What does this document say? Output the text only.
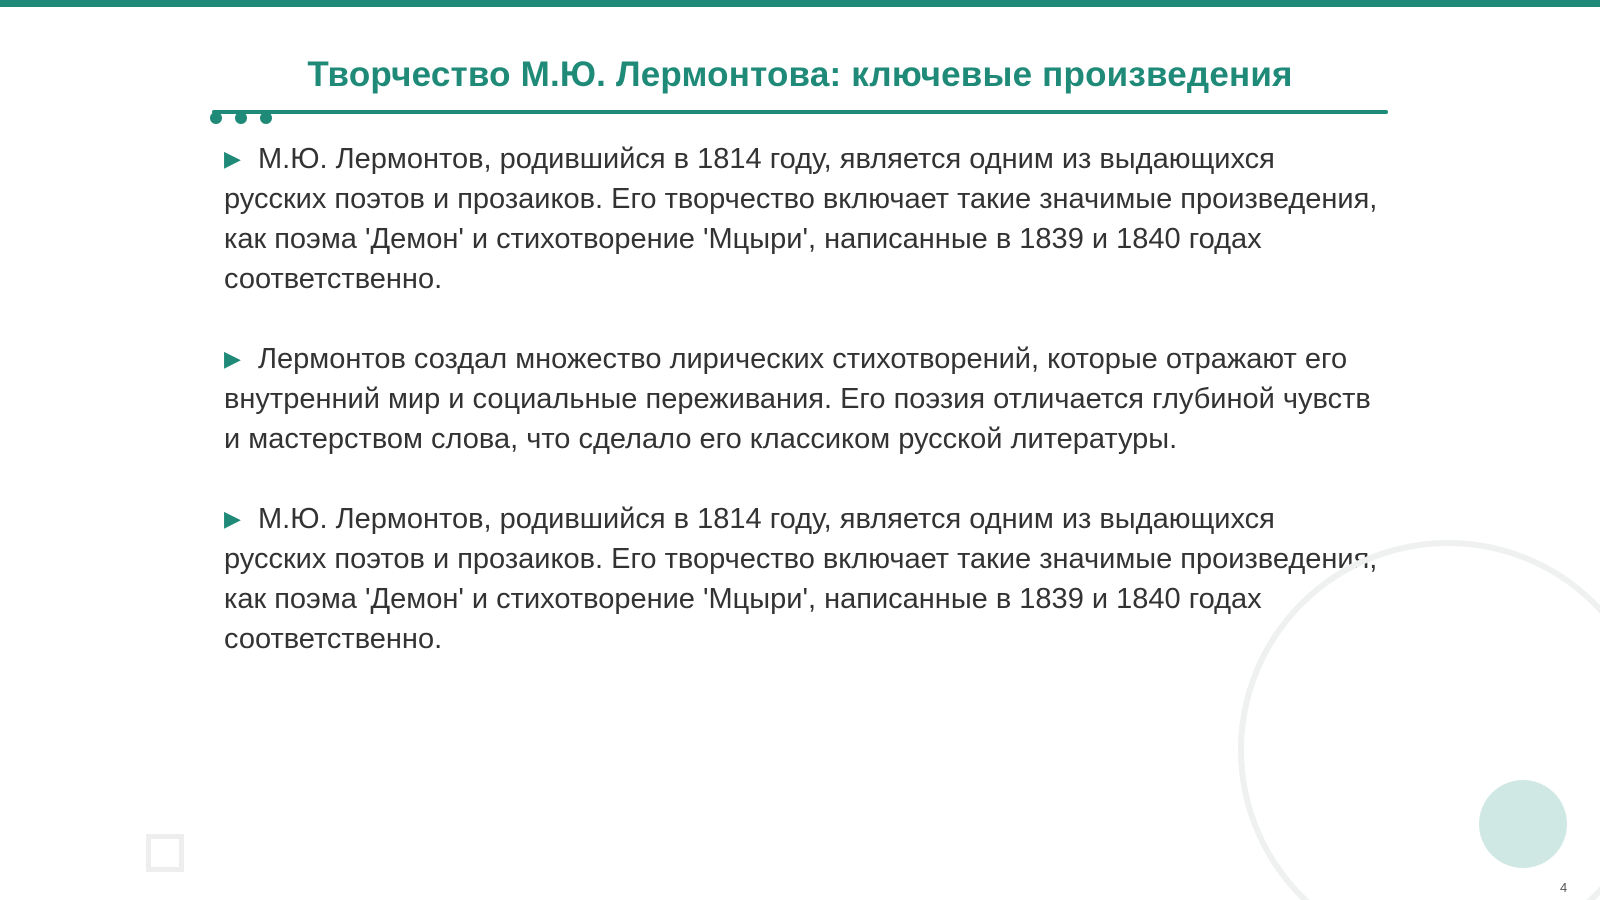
Творчество М.Ю. Лермонтова: ключевые произведения

▶ М.Ю. Лермонтов, родившийся в 1814 году, является одним из выдающихся русских поэтов и прозаиков. Его творчество включает такие значимые произведения, как поэма 'Демон' и стихотворение 'Мцыри', написанные в 1839 и 1840 годах соответственно.

▶ Лермонтов создал множество лирических стихотворений, которые отражают его внутренний мир и социальные переживания. Его поэзия отличается глубиной чувств и мастерством слова, что сделало его классиком русской литературы.

▶ М.Ю. Лермонтов, родившийся в 1814 году, является одним из выдающихся русских поэтов и прозаиков. Его творчество включает такие значимые произведения, как поэма 'Демон' и стихотворение 'Мцыри', написанные в 1839 и 1840 годах соответственно.

4
